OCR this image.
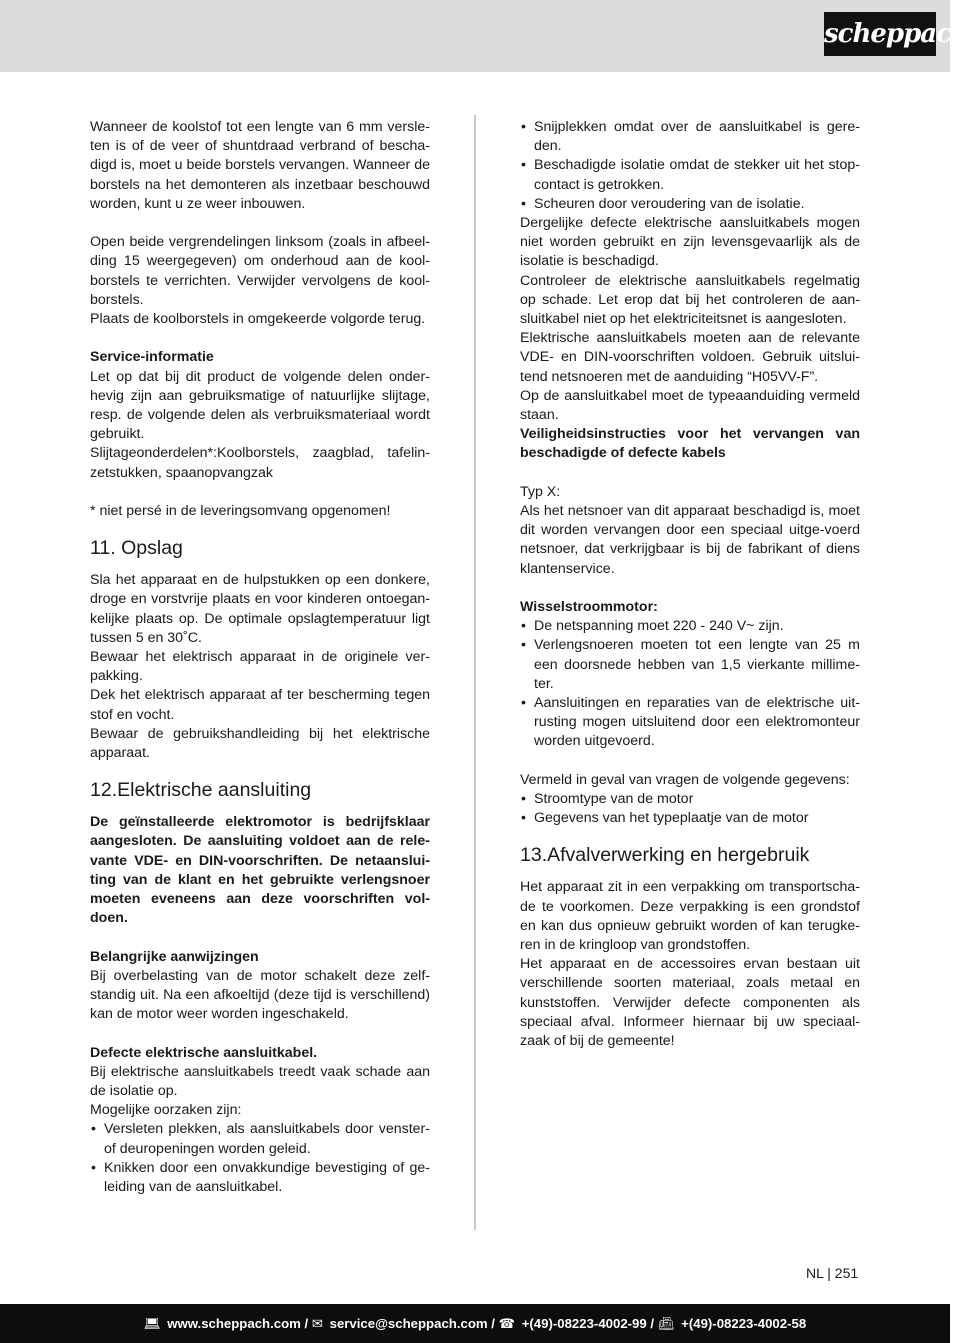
scheppach

Wanneer de koolstof tot een lengte van 6 mm versle-ten is of de veer of shuntdraad verbrand of bescha-digd is, moet u beide borstels vervangen. Wanneer de borstels na het demonteren als inzetbaar beschouwd worden, kunt u ze weer inbouwen.

Open beide vergrendelingen linksom (zoals in afbeel-ding 15 weergegeven) om onderhoud aan de kool-borstels te verrichten. Verwijder vervolgens de kool-borstels.

Plaats de koolborstels in omgekeerde volgorde terug.

Service-informatie

Let op dat bij dit product de volgende delen onder-hevig zijn aan gebruiksmatige of natuurlijke slijtage, resp. de volgende delen als verbruiksmateriaal wordt gebruikt.

Slijtageonderdelen*:Koolborstels, zaagblad, tafelin-zetstukken, spaanopvangzak

* niet persé in de leveringsomvang opgenomen!

11. Opslag

Sla het apparaat en de hulpstukken op een donkere, droge en vorstvrije plaats en voor kinderen ontoegan-kelijke plaats op. De optimale opslagtemperatuur ligt tussen 5 en 30˚C.

Bewaar het elektrisch apparaat in de originele ver-pakking.

Dek het elektrisch apparaat af ter bescherming tegen stof en vocht.

Bewaar de gebruikshandleiding bij het elektrische apparaat.

12.Elektrische aansluiting

De geïnstalleerde elektromotor is bedrijfsklaar aangesloten. De aansluiting voldoet aan de rele-vante VDE- en DIN-voorschriften. De netaanslui-ting van de klant en het gebruikte verlengsnoer moeten eveneens aan deze voorschriften vol-doen.

Belangrijke aanwijzingen

Bij overbelasting van de motor schakelt deze zelf-standig uit. Na een afkoeltijd (deze tijd is verschillend) kan de motor weer worden ingeschakeld.

Defecte elektrische aansluitkabel.

Bij elektrische aansluitkabels treedt vaak schade aan de isolatie op.

Mogelijke oorzaken zijn:

• Versleten plekken, als aansluitkabels door venster-of deuropeningen worden geleid.
• Knikken door een onvakkundige bevestiging of ge-leiding van de aansluitkabel.
• Snijplekken omdat over de aansluitkabel is gere-den.
• Beschadigde isolatie omdat de stekker uit het stop-contact is getrokken.
• Scheuren door veroudering van de isolatie.

Dergelijke defecte elektrische aansluitkabels mogen niet worden gebruikt en zijn levensgevaarlijk als de isolatie is beschadigd.

Controleer de elektrische aansluitkabels regelmatig op schade. Let erop dat bij het controleren de aan-sluitkabel niet op het elektriciteitsnet is aangesloten.

Elektrische aansluitkabels moeten aan de relevante VDE- en DIN-voorschriften voldoen. Gebruik uitslui-tend netsnoeren met de aanduiding “H05VV-F”.

Op de aansluitkabel moet de typeaanduiding vermeld staan.

Veiligheidsinstructies voor het vervangen van beschadigde of defecte kabels

Typ X:

Als het netsnoer van dit apparaat beschadigd is, moet dit worden vervangen door een speciaal uitge-voerd netsnoer, dat verkrijgbaar is bij de fabrikant of diens klantenservice.

Wisselstroommotor:

• De netspanning moet 220 - 240 V~ zijn.
• Verlengsnoeren moeten tot een lengte van 25 m een doorsnede hebben van 1,5 vierkante millime-ter.
• Aansluitingen en reparaties van de elektrische uit-rusting mogen uitsluitend door een elektromonteur worden uitgevoerd.

Vermeld in geval van vragen de volgende gegevens:

• Stroomtype van de motor
• Gegevens van het typeplaatje van de motor
13.Afvalverwerking en hergebruik

Het apparaat zit in een verpakking om transportscha-de te voorkomen. Deze verpakking is een grondstof en kan dus opnieuw gebruikt worden of kan terugke-ren in de kringloop van grondstoffen.

Het apparaat en de accessoires ervan bestaan uit verschillende soorten materiaal, zoals metaal en kunststoffen. Verwijder defecte componenten als speciaal afval. Informeer hiernaar bij uw speciaal-zaak of bij de gemeente!

NL | 251
💻︎ www.scheppach.com / ✉ service@scheppach.com / ☎ +(49)-08223-4002-99 / 📠︎ +(49)-08223-4002-58
